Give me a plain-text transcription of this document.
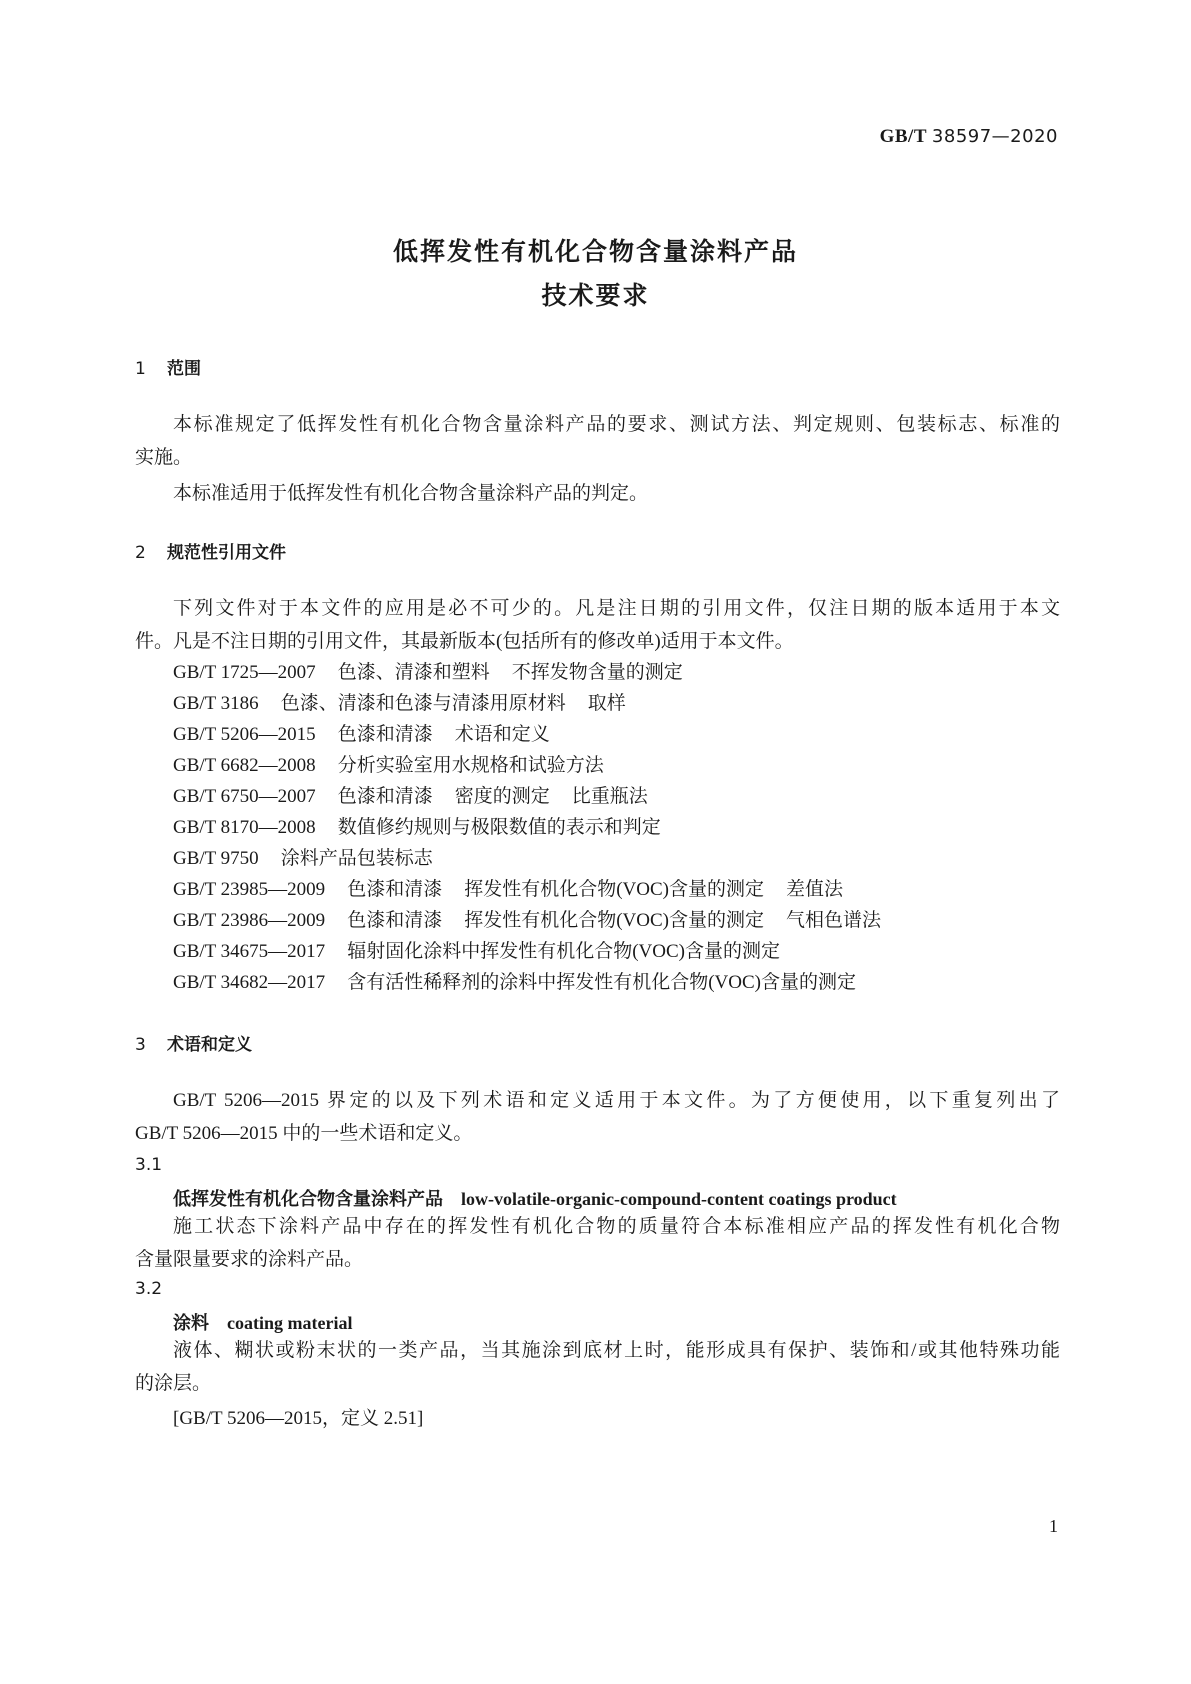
GB/T 38597—2020
低挥发性有机化合物含量涂料产品
技术要求
1 范围
本标准规定了低挥发性有机化合物含量涂料产品的要求、测试方法、判定规则、包装标志、标准的
实施。
本标准适用于低挥发性有机化合物含量涂料产品的判定。
2 规范性引用文件
下列文件对于本文件的应用是必不可少的。凡是注日期的引用文件，仅注日期的版本适用于本文
件。凡是不注日期的引用文件，其最新版本(包括所有的修改单)适用于本文件。
GB/T 1725—2007 色漆、清漆和塑料 不挥发物含量的测定
GB/T 3186 色漆、清漆和色漆与清漆用原材料 取样
GB/T 5206—2015 色漆和清漆 术语和定义
GB/T 6682—2008 分析实验室用水规格和试验方法
GB/T 6750—2007 色漆和清漆 密度的测定 比重瓶法
GB/T 8170—2008 数值修约规则与极限数值的表示和判定
GB/T 9750 涂料产品包装标志
GB/T 23985—2009 色漆和清漆 挥发性有机化合物(VOC)含量的测定 差值法
GB/T 23986—2009 色漆和清漆 挥发性有机化合物(VOC)含量的测定 气相色谱法
GB/T 34675—2017 辐射固化涂料中挥发性有机化合物(VOC)含量的测定
GB/T 34682—2017 含有活性稀释剂的涂料中挥发性有机化合物(VOC)含量的测定
3 术语和定义
GB/T 5206—2015 界定的以及下列术语和定义适用于本文件。为了方便使用，以下重复列出了
GB/T 5206—2015 中的一些术语和定义。
3.1
低挥发性有机化合物含量涂料产品 low-volatile-organic-compound-content coatings product
施工状态下涂料产品中存在的挥发性有机化合物的质量符合本标准相应产品的挥发性有机化合物
含量限量要求的涂料产品。
3.2
涂料 coating material
液体、糊状或粉末状的一类产品，当其施涂到底材上时，能形成具有保护、装饰和/或其他特殊功能
的涂层。
[GB/T 5206—2015，定义 2.51]
1
